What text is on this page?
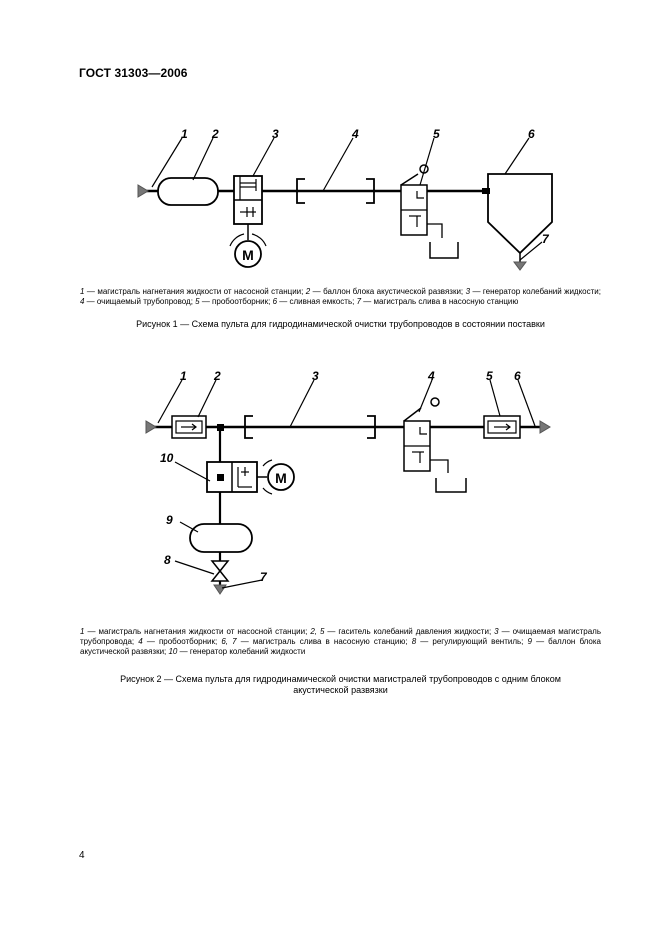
ГОСТ 31303—2006
М
1 2	3	4	5	6
7
1 — магистраль нагнетания жидкости от насосной станции; 2 — баллон блока акустической развязки; 3 — генератор колебаний жидкости; 4 — очищаемый трубопровод; 5 — пробоотборник; 6 — сливная емкость; 7 — магистраль слива в насосную станцию
Рисунок 1 — Схема пульта для гидродинамической очистки трубопроводов в состоянии поставки
М
1 2	3	4	5 6
7
8
9
10
1 — магистраль нагнетания жидкости от насосной станции; 2, 5 — гаситель колебаний давления жидкости; 3 — очищаемая магистраль трубопровода; 4 — пробоотборник; 6, 7 — магистраль слива в насосную станцию; 8 — регулирующий вентиль; 9 — баллон блока акустической развязки; 10 — генератор колебаний жидкости
Рисунок 2 — Схема пульта для гидродинамической очистки магистралей трубопроводов с одним блоком
акустической развязки
4
